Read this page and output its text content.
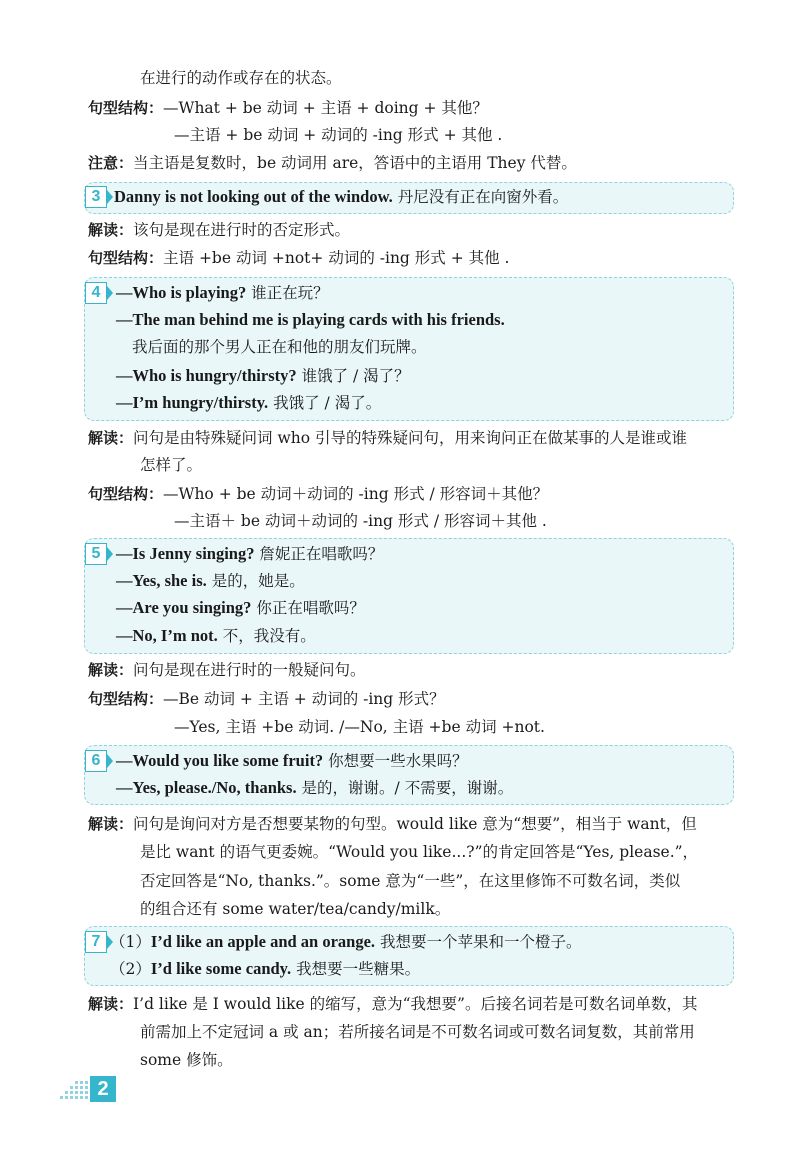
在进行的动作或存在的状态。
句型结构：—What + be 动词 + 主语 + doing + 其他？
—主语 + be 动词 + 动词的 -ing 形式 + 其他 .
注意：当主语是复数时，be 动词用 are，答语中的主语用 They 代替。
3 Danny is not looking out of the window. 丹尼没有正在向窗外看。
解读：该句是现在进行时的否定形式。
句型结构：主语 +be 动词 +not+ 动词的 -ing 形式 + 其他 .
4 —Who is playing? 谁正在玩？
—The man behind me is playing cards with his friends.
我后面的那个男人正在和他的朋友们玩牌。
—Who is hungry/thirsty? 谁饿了 / 渴了？
—I’m hungry/thirsty. 我饿了 / 渴了。
解读：问句是由特殊疑问词 who 引导的特殊疑问句，用来询问正在做某事的人是谁或谁
怎样了。
句型结构：—Who + be 动词＋动词的 -ing 形式 / 形容词＋其他？
—主语＋ be 动词＋动词的 -ing 形式 / 形容词＋其他 .
5 —Is Jenny singing? 詹妮正在唱歌吗？
—Yes, she is. 是的，她是。
—Are you singing? 你正在唱歌吗？
—No, I’m not. 不，我没有。
解读：问句是现在进行时的一般疑问句。
句型结构：—Be 动词 + 主语 + 动词的 -ing 形式？
—Yes, 主语 +be 动词. /—No, 主语 +be 动词 +not.
6 —Would you like some fruit? 你想要一些水果吗？
—Yes, please./No, thanks. 是的，谢谢。/ 不需要，谢谢。
解读：问句是询问对方是否想要某物的句型。would like 意为“想要”，相当于 want，但
是比 want 的语气更委婉。“Would you like...?”的肯定回答是“Yes, please.”，
否定回答是“No, thanks.”。some 意为“一些”，在这里修饰不可数名词，类似
的组合还有 some water/tea/candy/milk。
7 （1）I’d like an apple and an orange. 我想要一个苹果和一个橙子。
（2）I’d like some candy. 我想要一些糖果。
解读：I’d like 是 I would like 的缩写，意为“我想要”。后接名词若是可数名词单数，其
前需加上不定冠词 a 或 an；若所接名词是不可数名词或可数名词复数，其前常用
some 修饰。
2
